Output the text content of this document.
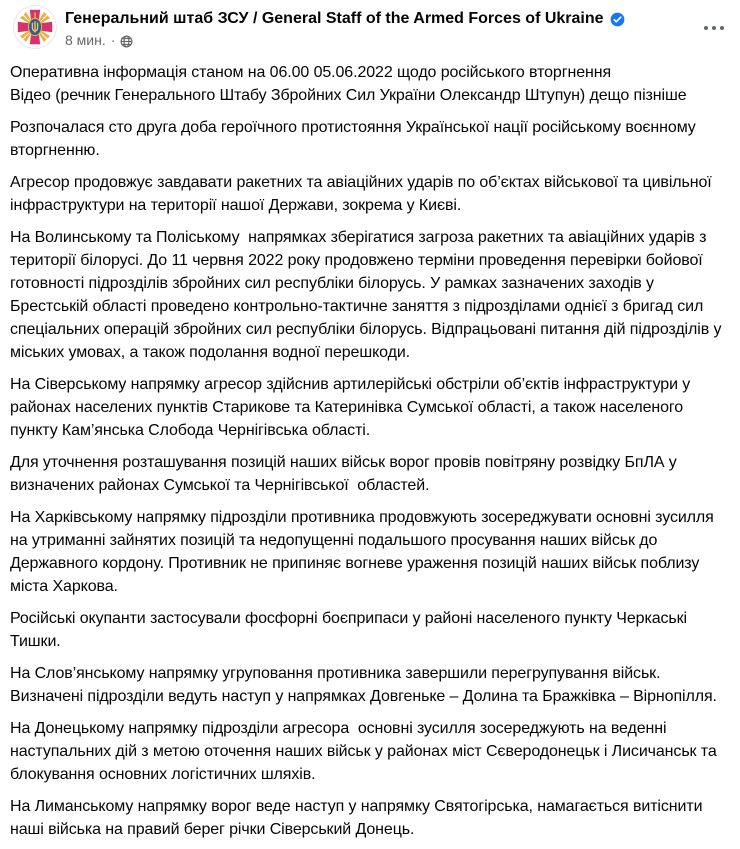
Генеральний штаб ЗСУ / General Staff of the Armed Forces of Ukraine
8 мин. ·

Оперативна інформація станом на 06.00 05.06.2022 щодо російського вторгнення
Відео (речник Генерального Штабу Збройних Сил України Олександр Штупун) дещо пізніше

Розпочалася сто друга доба героїчного протистояння Української нації російському воєнному вторгненню.

Агресор продовжує завдавати ракетних та авіаційних ударів по об’єктах військової та цивільної інфраструктури на території нашої Держави, зокрема у Києві.

На Волинському та Поліському  напрямках зберігатися загроза ракетних та авіаційних ударів з території білорусі. До 11 червня 2022 року продовжено терміни проведення перевірки бойової готовності підрозділів збройних сил республіки білорусь. У рамках зазначених заходів у Брестській області проведено контрольно-тактичне заняття з підрозділами однієї з бригад сил спеціальних операцій збройних сил республіки білорусь. Відпрацьовані питання дій підрозділів у міських умовах, а також подолання водної перешкоди.

На Сіверському напрямку агресор здійснив артилерійські обстріли об’єктів інфраструктури у районах населених пунктів Старикове та Катеринівка Сумської області, а також населеного пункту Кам’янська Слобода Чернігівська області.

Для уточнення розташування позицій наших військ ворог провів повітряну розвідку БпЛА у визначених районах Сумської та Чернігівської  областей.

На Харківському напрямку підрозділи противника продовжують зосереджувати основні зусилля на утриманні зайнятих позицій та недопущенні подальшого просування наших військ до Державного кордону. Противник не припиняє вогневе ураження позицій наших військ поблизу міста Харкова.

Російські окупанти застосували фосфорні боєприпаси у районі населеного пункту Черкаські Тишки.

На Слов’янському напрямку угруповання противника завершили перегрупування військ. Визначені підрозділи ведуть наступ у напрямках Довгеньке – Долина та Бражківка – Вірнопілля.

На Донецькому напрямку підрозділи агресора  основні зусилля зосереджують на веденні наступальних дій з метою оточення наших військ у районах міст Сєверодонецьк і Лисичанськ та блокування основних логістичних шляхів.

На Лиманському напрямку ворог веде наступ у напрямку Святогірська, намагається витіснити наші війська на правий берег річки Сіверський Донець.
